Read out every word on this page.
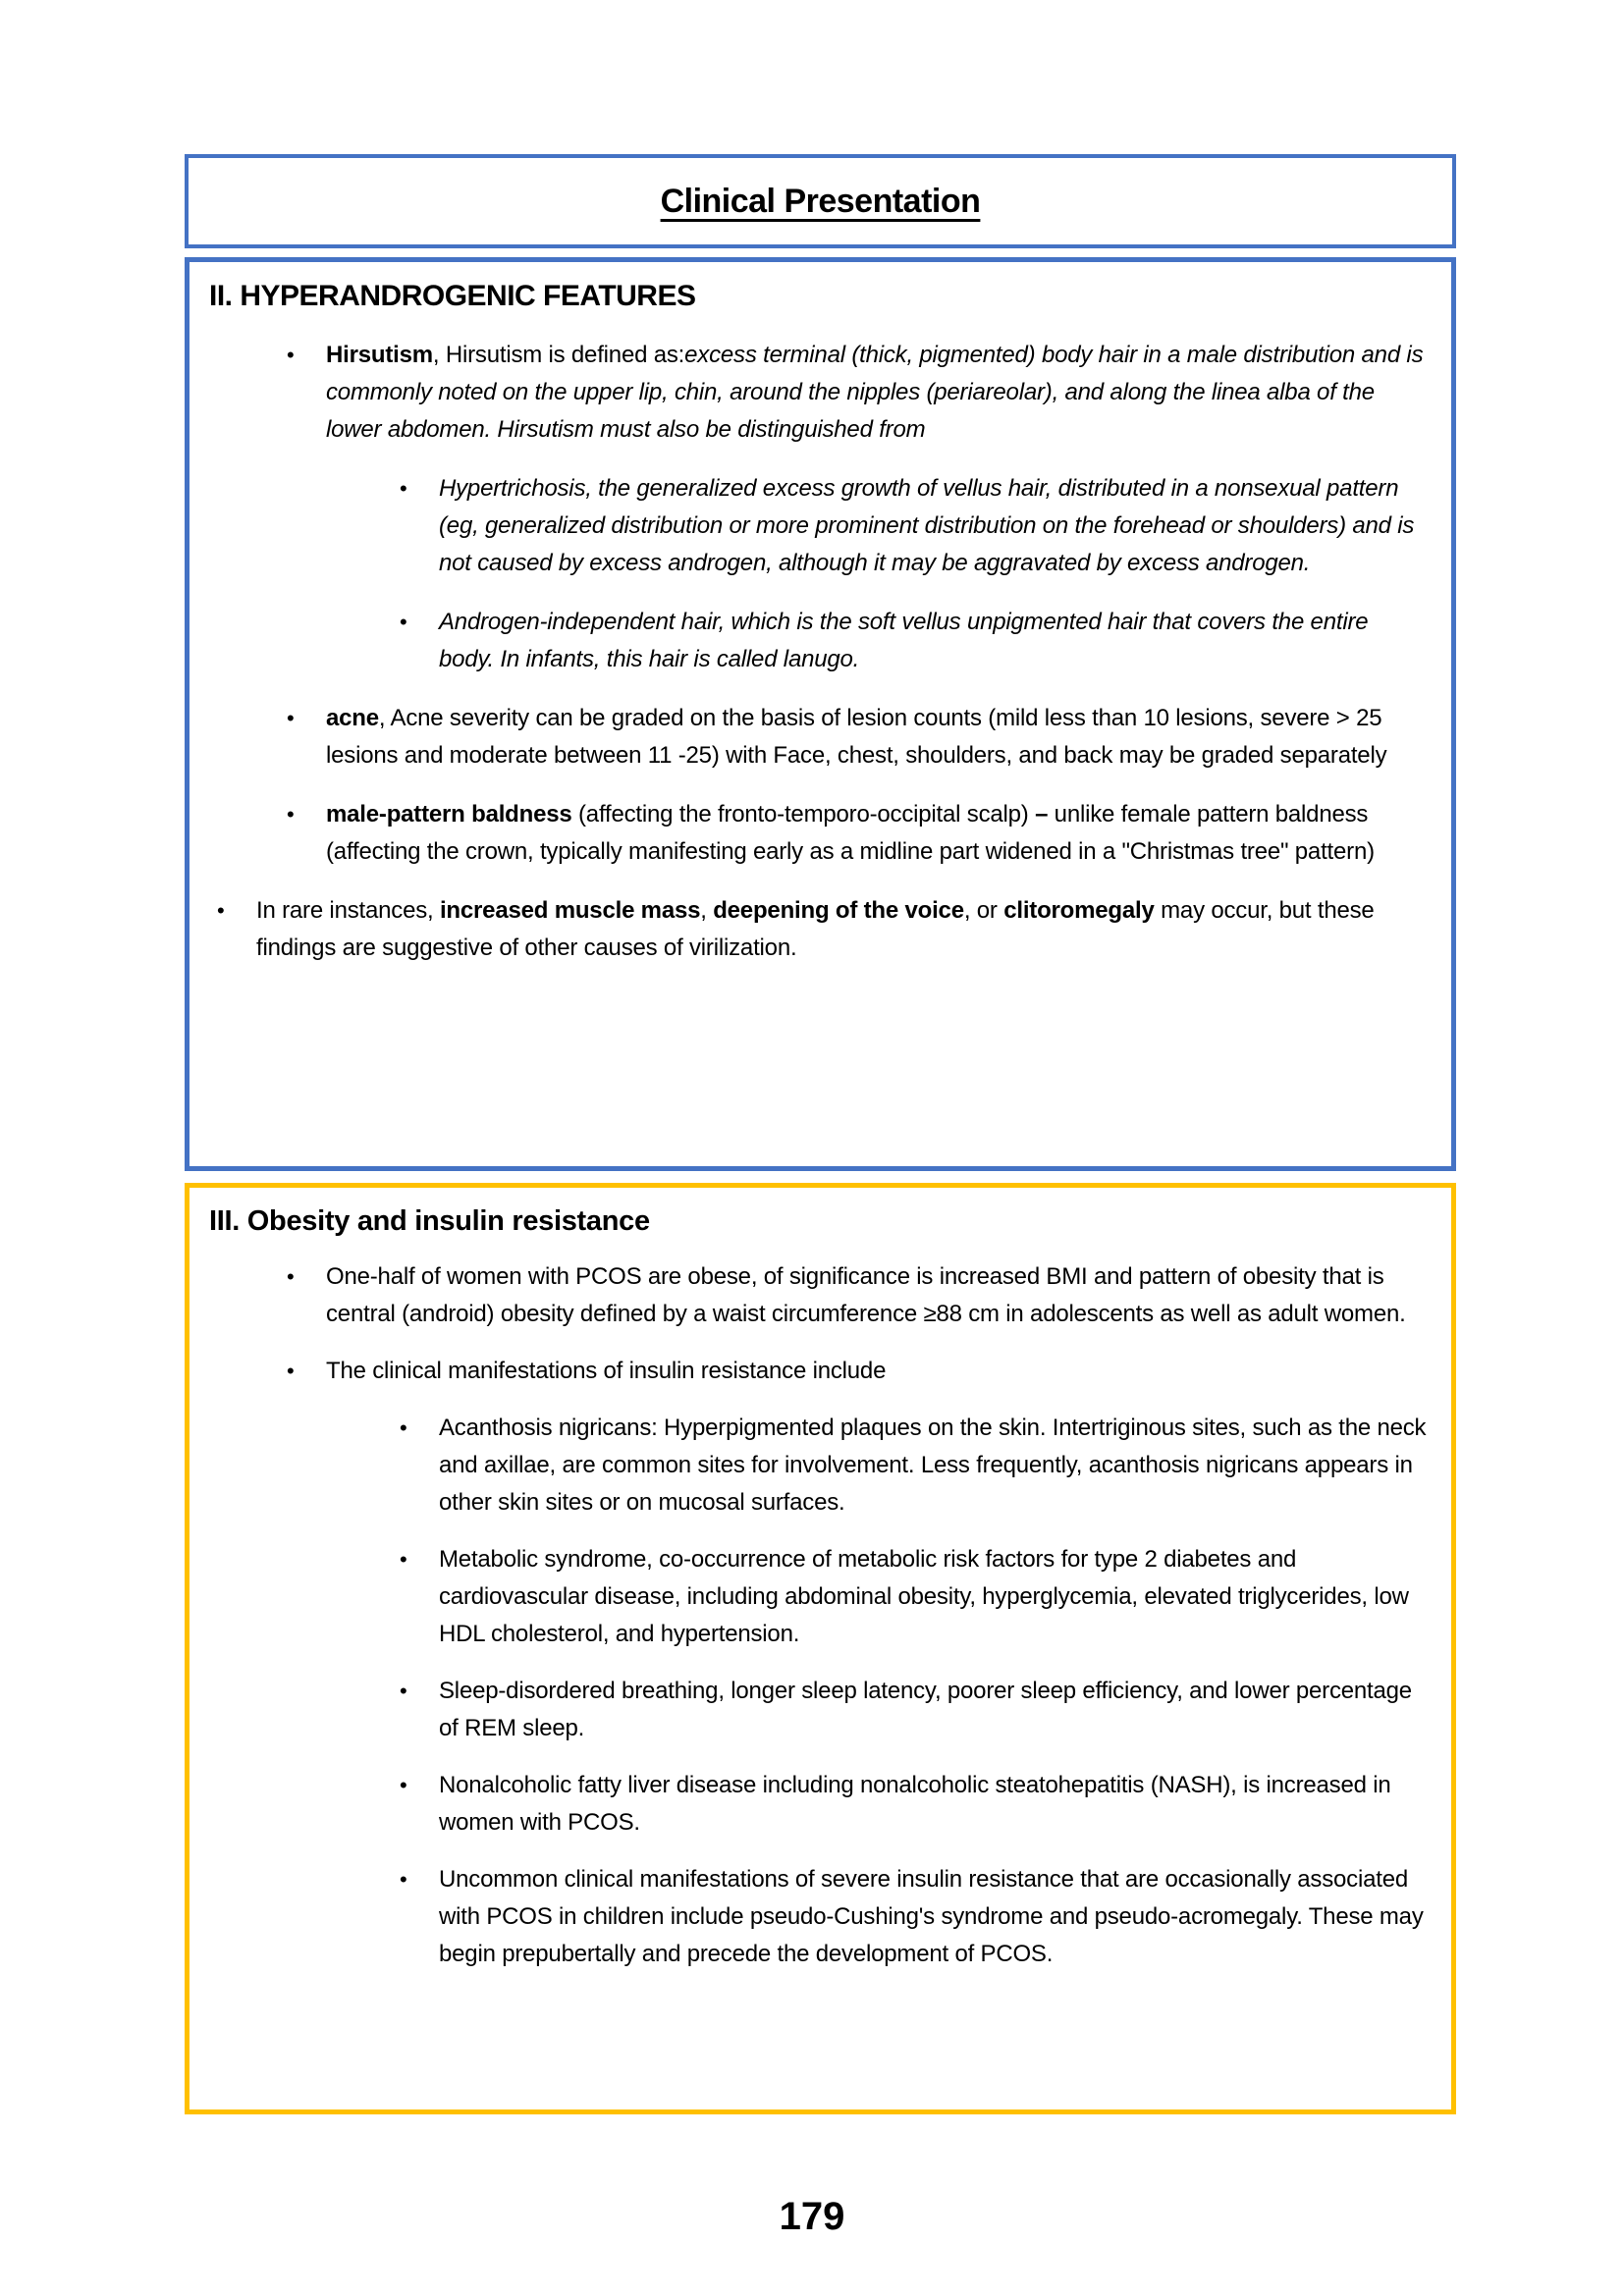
Clinical Presentation
II. HYPERANDROGENIC FEATURES
•	Hirsutism, Hirsutism is defined as:excess terminal (thick, pigmented) body hair in a male distribution and is commonly noted on the upper lip, chin, around the nipples (periareolar), and along the linea alba of the lower abdomen. Hirsutism must also be distinguished from
•	Hypertrichosis, the generalized excess growth of vellus hair, distributed in a nonsexual pattern (eg, generalized distribution or more prominent distribution on the forehead or shoulders) and is not caused by excess androgen, although it may be aggravated by excess androgen.
•	Androgen-independent hair, which is the soft vellus unpigmented hair that covers the entire body. In infants, this hair is called lanugo.
•	acne, Acne severity can be graded on the basis of lesion counts (mild less than 10 lesions, severe > 25 lesions and moderate between 11 -25) with Face, chest, shoulders, and back may be graded separately
•	male-pattern baldness (affecting the fronto-temporo-occipital scalp) – unlike female pattern baldness (affecting the crown, typically manifesting early as a midline part widened in a "Christmas tree" pattern)
•	In rare instances, increased muscle mass, deepening of the voice, or clitoromegaly may occur, but these findings are suggestive of other causes of virilization.
III. Obesity and insulin resistance
•	One-half of women with PCOS are obese, of significance is increased BMI and pattern of obesity that is central (android) obesity defined by a waist circumference ≥88 cm in adolescents as well as adult women.
•	The clinical manifestations of insulin resistance include
•	Acanthosis nigricans: Hyperpigmented plaques on the skin. Intertriginous sites, such as the neck and axillae, are common sites for involvement. Less frequently, acanthosis nigricans appears in other skin sites or on mucosal surfaces.
•	Metabolic syndrome, co-occurrence of metabolic risk factors for type 2 diabetes and cardiovascular disease, including abdominal obesity, hyperglycemia, elevated triglycerides, low HDL cholesterol, and hypertension.
•	Sleep-disordered breathing, longer sleep latency, poorer sleep efficiency, and lower percentage of REM sleep.
•	Nonalcoholic fatty liver disease including nonalcoholic steatohepatitis (NASH), is increased in women with PCOS.
•	Uncommon clinical manifestations of severe insulin resistance that are occasionally associated with PCOS in children include pseudo-Cushing's syndrome and pseudo-acromegaly. These may begin prepubertally and precede the development of PCOS.
179
